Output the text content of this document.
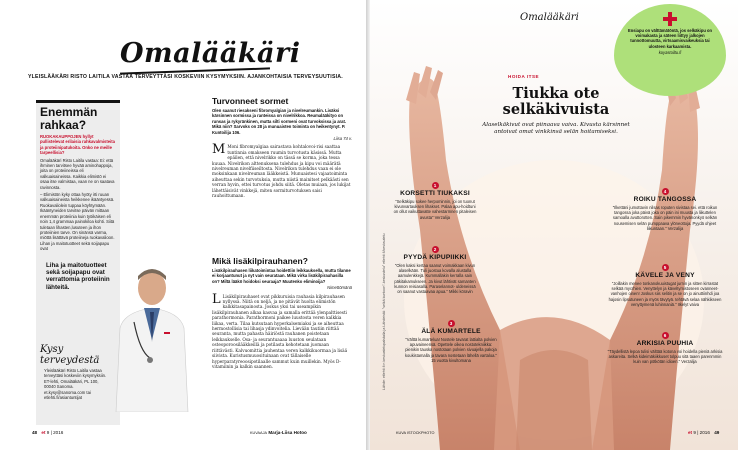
Omalääkäri
YLEISLÄÄKÄRI RISTO LAITILA VASTAA TERVEYTTÄSI KOSKEVIIN KYSYMYKSIIN. AJANKOHTAISIA TERVEYSUUTISIA.
Enemmän rahkaa?
RUOKAKAUPPOJEN hyllyt pullistelevat erilaisia rahkavalmisteita ja proteiinipatukoita. Onko ne meille tarpeellisia?
Omalääkäri Risto Laitila vastaa: Ei: että ihminen tarvitsee hyvää aminohappoja, joita on proteiineissa eli valkuaisaineissa. Kaikkia elimistö ei osaa itse valmistaa, vaan ne on saatava ravinnosta.
– Elimistön kyky ottaa hyöty irti ruuan valkuaisaineista heikkenee ikääntyessä. Ruokavaliolein tuppaa köyhtymään. Ikääntyneiden tarvitse päivän mittaan enemmän proteiinia kuin työikäisen eli noin 1,4 grammaa painokiloa kohti. Siitä tuletaan lihasten,lusuteen ja ihon proteiinien tarve. On sinänsä varma, miöttä lisättävä proteiineja ruokavalioon. Lihan ja maitotuotteet sekä soijapapu ovat
Liha ja maitotuotteet sekä soijapapu ovat verrattomia proteiinin lähteitä.
Kysy terveydestä
Yleislääkäri Risto Laitila vastaa terveyttäsi koskeviin kysymyksiin. ET-lehti, Omalääkäri, PL 100, 00040 Sanoma. et.kysy@sanoma.com tai etlehti.fi/asiantuntijat
Turvonneet sormet
Olen saanut riesakseni fibromyalgian ja nivelreumankin. Lisäksi kärsinnen sormissa ja ranteissa on nivelrikkoa. Reumalääkityo on runsas ja rykyränkinen, mutta silti sormeni ovat turvoksissa ja arat. Mikä niin? Sarvoks on 28 ja munuaisten toiminta on heikentynyt. P. Kuntoilija 106.
Liisa 74 v.
M Moni fibromyalgiaa sairastava kohtalovoi-risi saattaa tuntinnia omakseen ruumin turvotusta käsissä. Mutta epäilen, että nivelrikko on tässä se korma, joka tessa kuuaa. Nivelrikon alttenuksena tulehdus ja kipu voi määrätä nivelreuman nivelfiiseiltosta. Nivelrikon tulehdus vaan ei ole moksinkaan nivelreuman lääkkeistä. Munuaistesi vajaatoiminta aiheuttaa sekin turvotuksia, mutta niistä mainitset pelkäästi sen verran hyvin, ettei turvotus johdu siitä. Oletas muiaan, jos lukijat lähettäisivät vinkkejä, miten sormiturvotuksen saisi rauhoittumaan.
Mikä lisäkilpirauhanen?
Lisäkilpirauhasen liikatoimintaa hoidettiin leikkauksella, mutta tilanne ei korjaantunut ja nyt vain seurataan. Mikä virka lisäkilpirauhasilla on? Miltä lääkö hoidoksi seuraaja? Muutenko eliminoija?
Nimettömänä
L Lisäkilpirauhaset ovat pikkuruisia rauhasia kilpirauhasen nyllyssä. Niitä on neljä, ja ne pitävät huolta elimistön kalkkitasapainosta. Joskus yksi tai useampikin lisäkilpirauhanen alkaa kasvaa ja samalla erittää ylenpalttisesti parathormonia. Parathormoni paikee luustosta veren kalkkia liikaa, verta. Tilaa kutsutaan hyperkalsemiaksi ja se aiheuttaa hermostollisia tai lihasja ydinvoitelia. Lievään tautiin riittää seuranta, mutta pahasta häiriöstä rauhanen poistetaan leikkaukselle. Osa- ja seurantuaaaa luuston seulataan osteoporoosilääkkeillä ja potilasta kehotetaan juomaan riittävästi. Kalvuomittia jauhentaa veren kalkkikuormaa ja lisää siivista. Kuristusmuuosituinaan ovat tällaiselle hyperparatyreoosipotilaalle sammut kuin muillekin. Myös D-vitamiinin ja kalkin saannen.
48 et 9 | 2016	KUVAAJA Marja-Liisa Hotoo
Omalääkäri
HOIDA ITSE
Tiukka ote selkäkivuista
Alaselkäkivut ovat piinaava vaiva. Kivusta kärsinnet antoivat omat vinkkinsä selän hoitamiseksi.
Lähde: etlehti.fi:n keskustelupalstalla ja Lähdeistä: "selkä kuntoon"-keskustelu" etlehti.fi/kesksutelu
1
KORSETTI TIUKAKSI
"Selkäkipu sokee herpominnin, joi on tuonut kivunvartauksen lihakset. Palaa apu-hoidtuni on ollut vaikuttavatte vahestarmnen pitaleisen avusta" Verzalija
2
PYYDÄ KIPUPIIKKI
"Olen kaksi kertaa saanut voimakkaan kivun alaselkään. Tuli juostua kovalla alustalla aamulenkkejä. Kummallakin kerralla sain päkitakamukseen. Ja kivut lähtivät samanten kunnon reisiasalla. Paraselannot- uldeneissä on saanut vastaavaa apua." Mikki köravin
3
ÄLÄ KUMARTELE
"Välttä kumartelua! Nostele tavarat lattialta polvien apuvaineensä. Opettele oikea nostotekniikka: pienikin tauska nostotaan polvien sivuajella pakoja koukistamalla ja tavara nostetaan lähellä vartaloa." 15 vuotta kivultomana
4
ROIKU TANGOSSA
"Ilkettäni jumottavin nilsas roputen sivistaa sei. että roikun tangossa joka päivä joka on päin ini muusta ja liikuttelen samoalla avuttorotten. Sain pikemmin hyvänonkyö selkän nousemisen selän pumppaava ylöneottoja. Pyydä ohjeet liikuntaan." Verzalija
5
KÄVELE JA VENY
"Joillakin menee tonkanokuuistugat jurnin ja sitten kirrastat selkää mycrhien. Venyttelyn ja käveltymistoseen ovanneet- vanhojen oinen! Joskus siis selitin ja se on jo ainuttiinhdi joa hajosin lipsutuneen ja myös tävytyä. tehtävä selaa nähkikseen venyttymenä luhinnaniä." IIkelyt vaiva
6
ARKISIA PUUHIA
"Täydellistä lepoa tulisi välttää kotona voi hoidella pieniä arkisia askareita. Selkä kideimäkiikkuset tolpuu sitä taaen parenmmin kuin van pötkötän idioen." Verzalija
KUVA ISTOCKPHOTO	et 9 | 2016 49
Ensiapu on välttämätöntä, jos selkäkipu on voimakasta ja säteen liittyy jalkojen tunnottomuutta, virtsaamisvaikeuksia tai ulosteen karkaamista.
koyastoiltu.fi
